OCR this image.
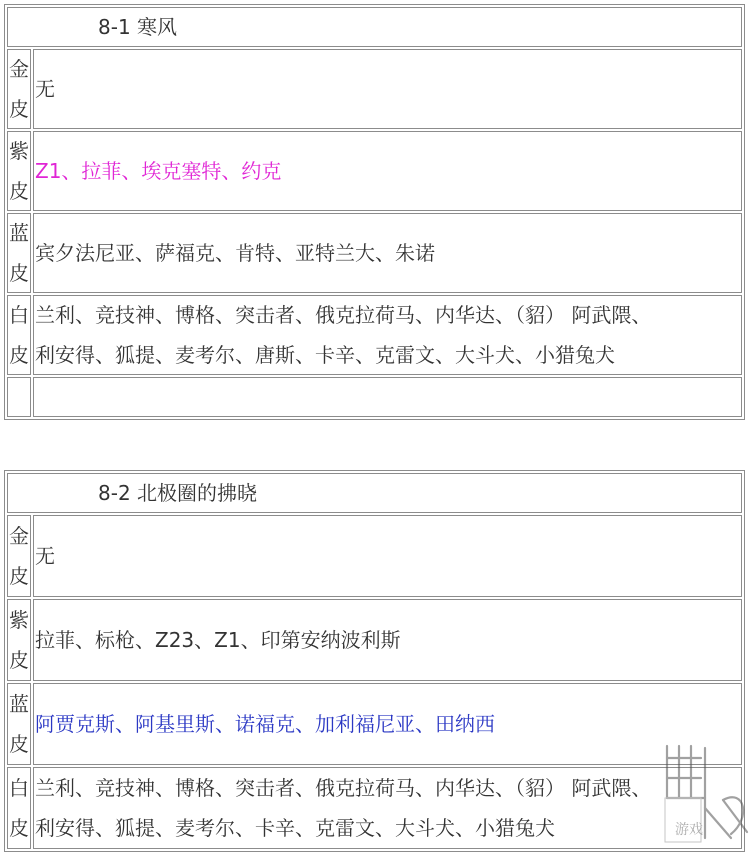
8-1 寒风
金
皮
无
紫
皮
Z1、拉菲、埃克塞特、约克
蓝
皮
宾夕法尼亚、萨福克、肯特、亚特兰大、朱诺
白
皮
兰利、竞技神、博格、突击者、俄克拉荷马、内华达、（貂） 阿武隈、
利安得、狐提、麦考尔、唐斯、卡辛、克雷文、大斗犬、小猎兔犬
8-2 北极圈的拂晓
金
皮
无
紫
皮
拉菲、标枪、Z23、Z1、印第安纳波利斯
蓝
皮
阿贾克斯、阿基里斯、诺福克、加利福尼亚、田纳西
白
皮
兰利、竞技神、博格、突击者、俄克拉荷马、内华达、（貂） 阿武隈、
利安得、狐提、麦考尔、卡辛、克雷文、大斗犬、小猎兔犬	游戏
